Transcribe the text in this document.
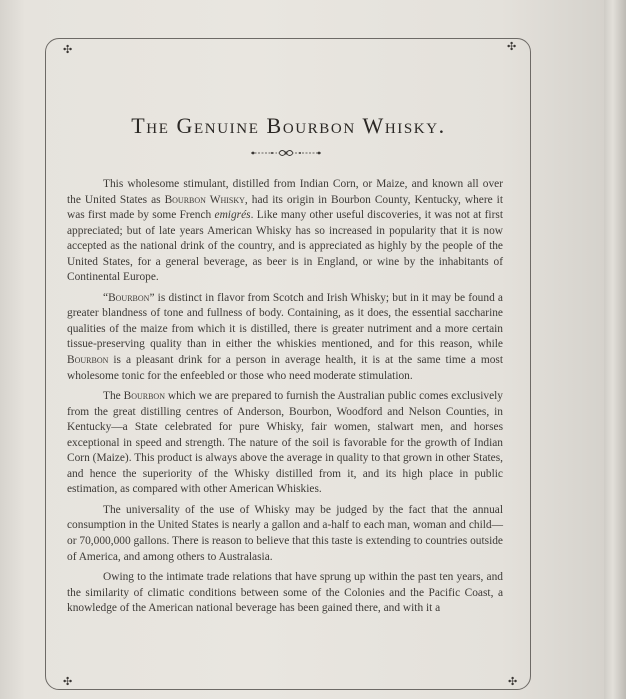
✣	✣
✣	✣
The Genuine Bourbon Whisky.

This wholesome stimulant, distilled from Indian Corn, or Maize, and known all over the United States as Bourbon Whisky, had its origin in Bourbon County, Kentucky, where it was first made by some French emigrés. Like many other useful discoveries, it was not at first appreciated; but of late years American Whisky has so increased in popularity that it is now accepted as the national drink of the country, and is appreciated as highly by the people of the United States, for a general beverage, as beer is in England, or wine by the inhabitants of Continental Europe.

“Bourbon” is distinct in flavor from Scotch and Irish Whisky; but in it may be found a greater blandness of tone and fullness of body. Containing, as it does, the essential saccharine qualities of the maize from which it is distilled, there is greater nutriment and a more certain tissue-preserving quality than in either the whiskies mentioned, and for this reason, while Bourbon is a pleasant drink for a person in average health, it is at the same time a most wholesome tonic for the enfeebled or those who need moderate stimulation.

The Bourbon which we are prepared to furnish the Australian public comes exclusively from the great distilling centres of Anderson, Bourbon, Woodford and Nelson Counties, in Kentucky—a State celebrated for pure Whisky, fair women, stalwart men, and horses exceptional in speed and strength. The nature of the soil is favorable for the growth of Indian Corn (Maize). This product is always above the average in quality to that grown in other States, and hence the superiority of the Whisky distilled from it, and its high place in public estimation, as compared with other American Whiskies.

The universality of the use of Whisky may be judged by the fact that the annual consumption in the United States is nearly a gallon and a-half to each man, woman and child—or 70,000,000 gallons. There is reason to believe that this taste is extending to countries outside of America, and among others to Australasia.

Owing to the intimate trade relations that have sprung up within the past ten years, and the similarity of climatic conditions between some of the Colonies and the Pacific Coast, a knowledge of the American national beverage has been gained there, and with it a
